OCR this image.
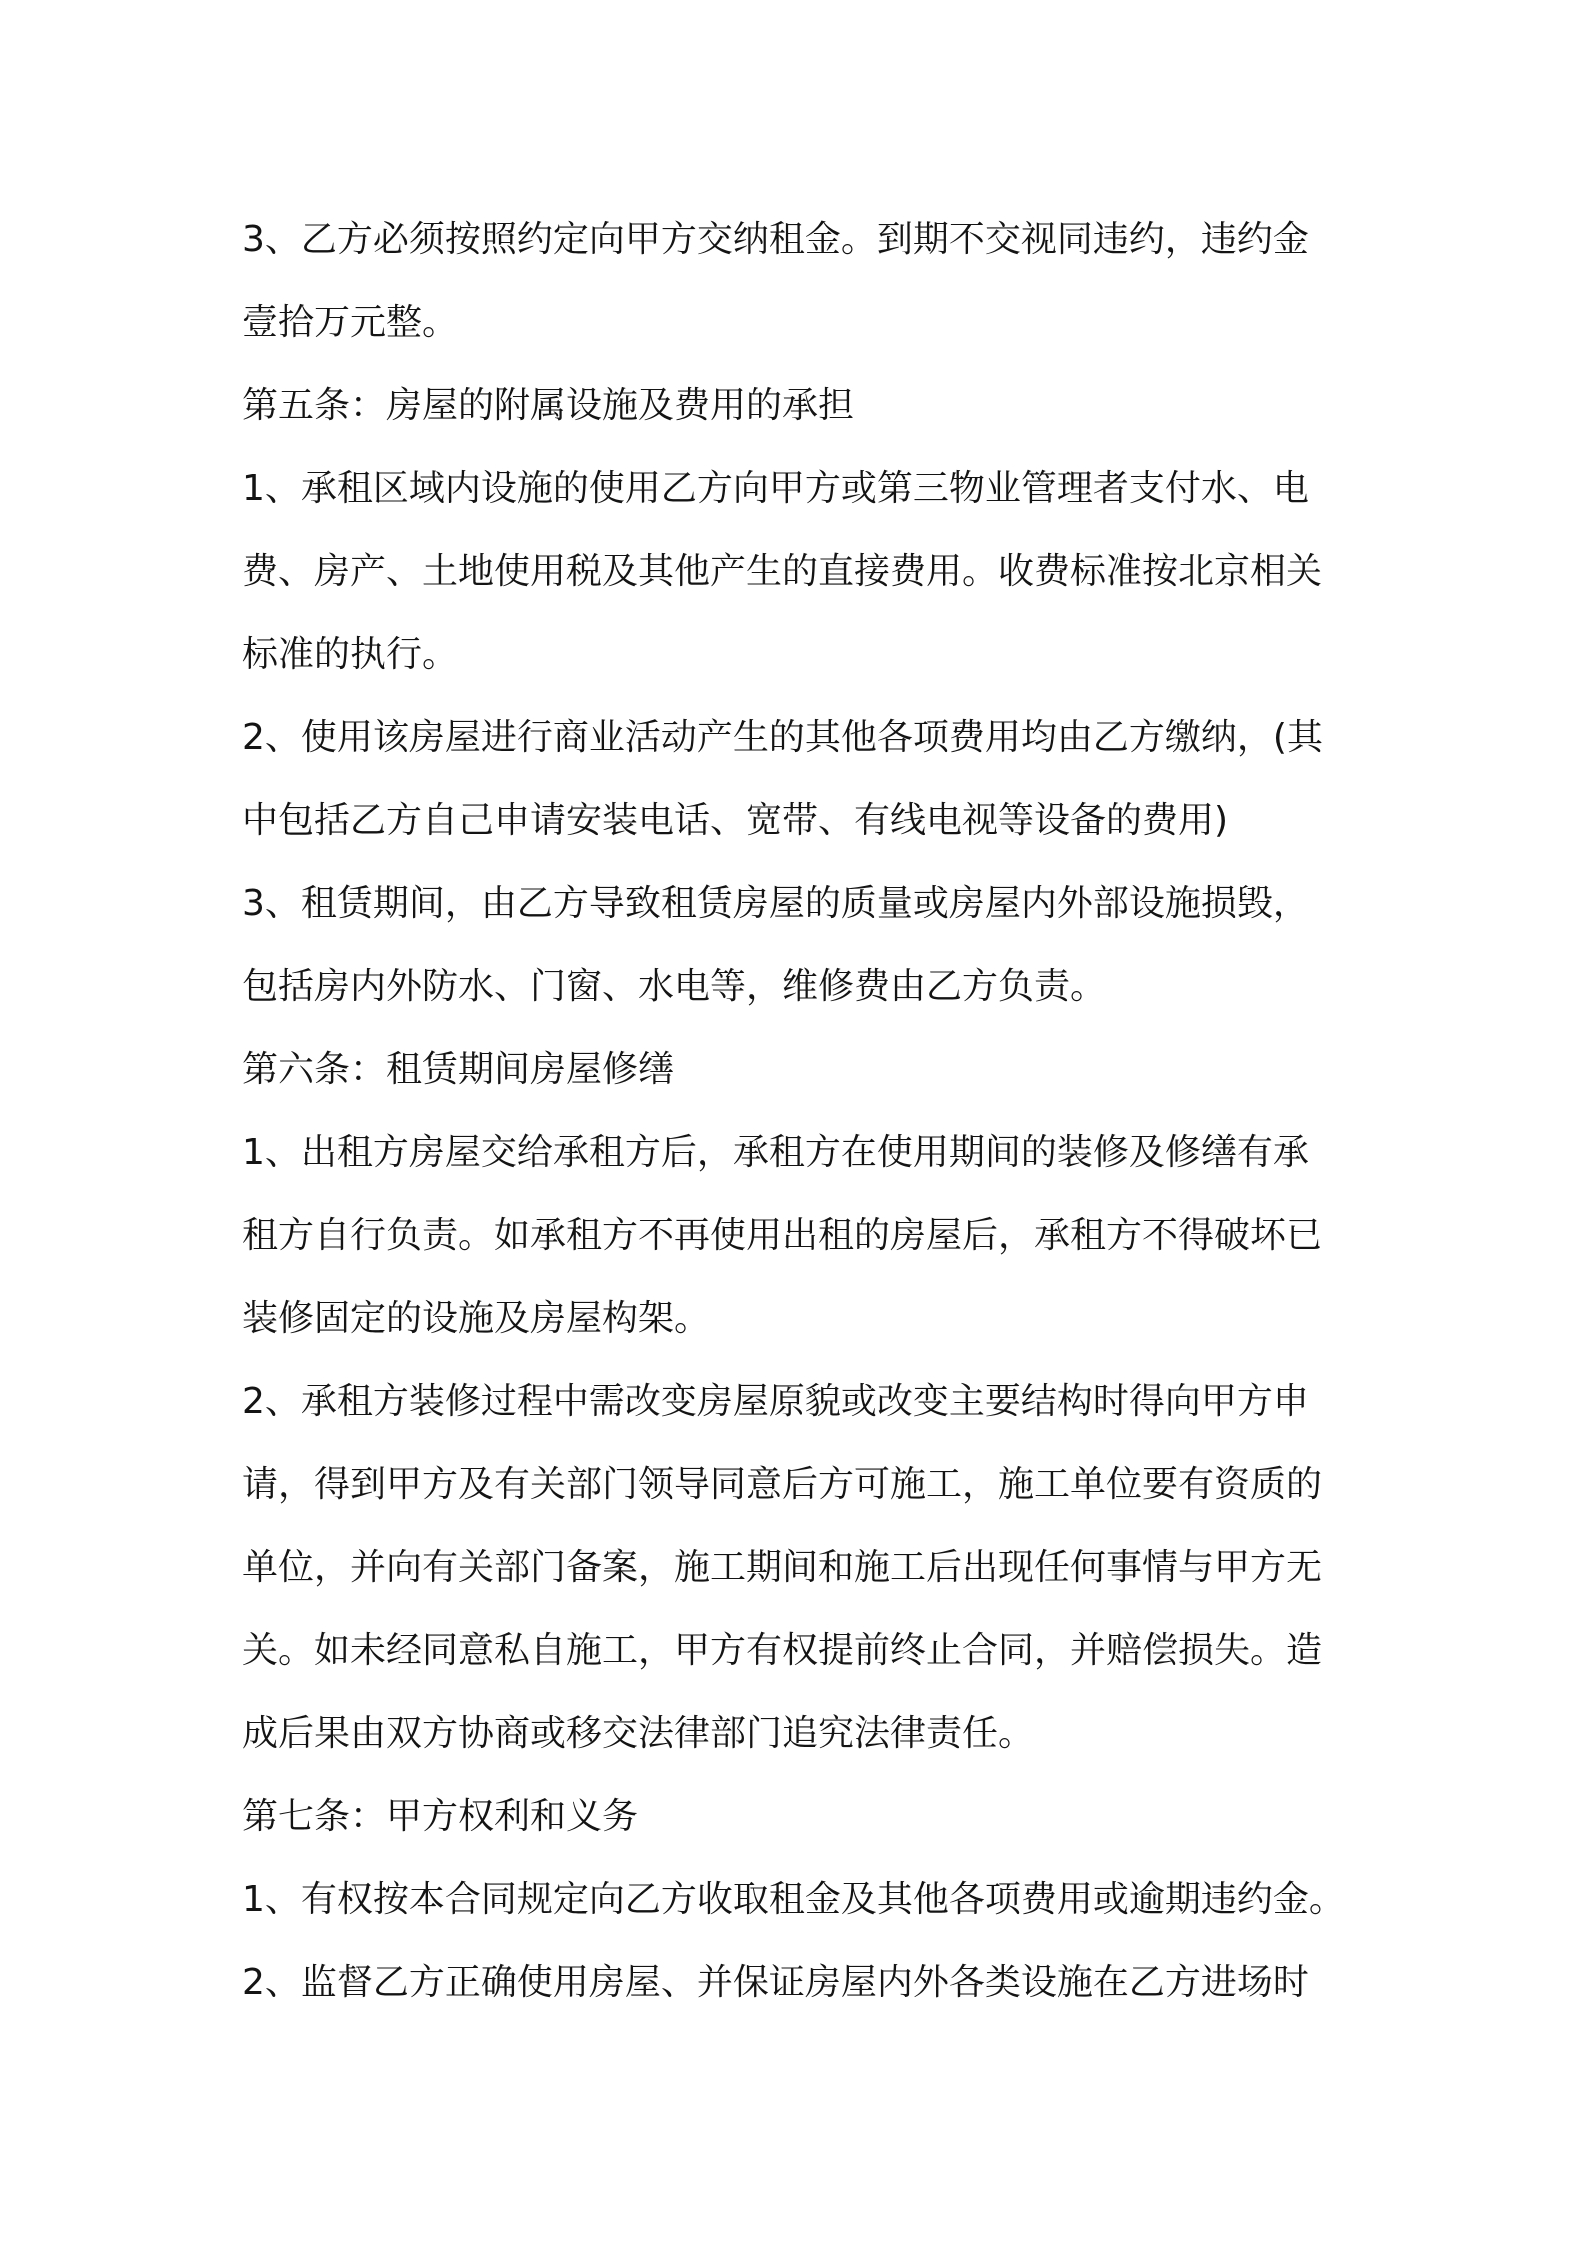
3、乙方必须按照约定向甲方交纳租金。到期不交视同违约，违约金
壹拾万元整。

第五条：房屋的附属设施及费用的承担

1、承租区域内设施的使用乙方向甲方或第三物业管理者支付水、电
费、房产、土地使用税及其他产生的直接费用。收费标准按北京相关
标准的执行。

2、使用该房屋进行商业活动产生的其他各项费用均由乙方缴纳，(其
中包括乙方自己申请安装电话、宽带、有线电视等设备的费用)

3、租赁期间，由乙方导致租赁房屋的质量或房屋内外部设施损毁，
包括房内外防水、门窗、水电等，维修费由乙方负责。

第六条：租赁期间房屋修缮

1、出租方房屋交给承租方后，承租方在使用期间的装修及修缮有承
租方自行负责。如承租方不再使用出租的房屋后，承租方不得破坏已
装修固定的设施及房屋构架。

2、承租方装修过程中需改变房屋原貌或改变主要结构时得向甲方申
请，得到甲方及有关部门领导同意后方可施工，施工单位要有资质的
单位，并向有关部门备案，施工期间和施工后出现任何事情与甲方无
关。如未经同意私自施工，甲方有权提前终止合同，并赔偿损失。造
成后果由双方协商或移交法律部门追究法律责任。

第七条：甲方权利和义务

1、有权按本合同规定向乙方收取租金及其他各项费用或逾期违约金。

2、监督乙方正确使用房屋、并保证房屋内外各类设施在乙方进场时
